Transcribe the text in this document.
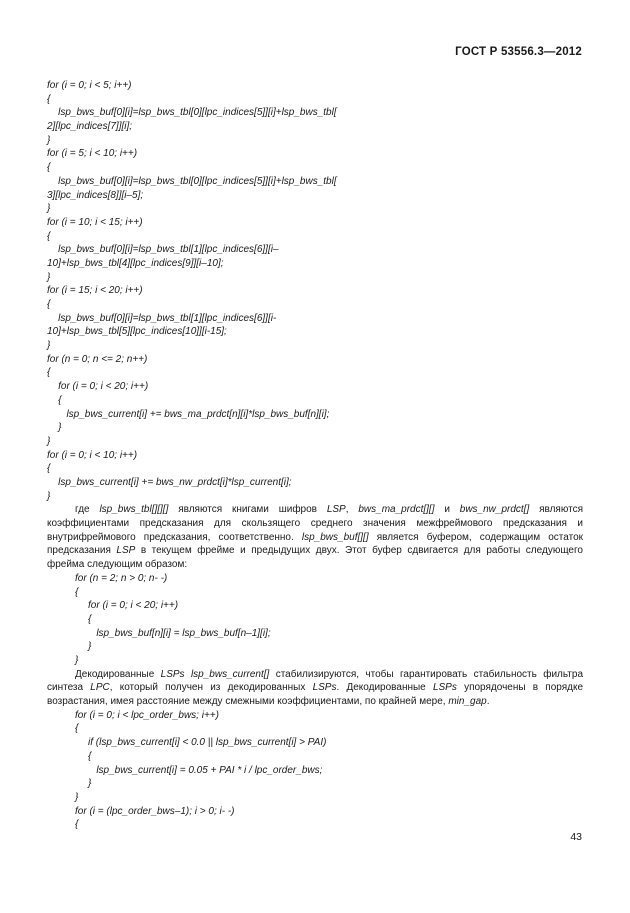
ГОСТ Р 53556.3—2012
for (i = 0; i < 5; i++)
{
lsp_bws_buf[0][i]=lsp_bws_tbl[0][lpc_indices[5]][i]+lsp_bws_tbl[
2][lpc_indices[7]][i];
}
for (i = 5; i < 10; i++)
{
lsp_bws_buf[0][i]=lsp_bws_tbl[0][lpc_indices[5]][i]+lsp_bws_tbl[
3][lpc_indices[8]][i–5];
}
for (i = 10; i < 15; i++)
{
lsp_bws_buf[0][i]=lsp_bws_tbl[1][lpc_indices[6]][i–
10]+lsp_bws_tbl[4][lpc_indices[9]][i–10];
}
for (i = 15; i < 20; i++)
{
lsp_bws_buf[0][i]=lsp_bws_tbl[1][lpc_indices[6]][i-
10]+lsp_bws_tbl[5][lpc_indices[10]][i-15];
}
for (n = 0; n <= 2; n++)
{
for (i = 0; i < 20; i++)
{
lsp_bws_current[i] += bws_ma_prdct[n][i]*lsp_bws_buf[n][i];
}
}
for (i = 0; i < 10; i++)
{
lsp_bws_current[i] += bws_nw_prdct[i]*lsp_current[i];
}
где lsp_bws_tbl[][][] являются книгами шифров LSP, bws_ma_prdct[][] и bws_nw_prdct[] являются коэффициентами предсказания для скользящего среднего значения межфреймового предсказания и внутрифреймового предсказания, соответственно. lsp_bws_buf[][] является буфером, содержащим остаток предсказания LSP в текущем фрейме и предыдущих двух. Этот буфер сдвигается для работы следующего фрейма следующим образом:
for (n = 2; n > 0; n- -)
{
for (i = 0; i < 20; i++)
{
lsp_bws_buf[n][i] = lsp_bws_buf[n–1][i];
}
}
Декодированные LSPs lsp_bws_current[] стабилизируются, чтобы гарантировать стабильность фильтра синтеза LPC, который получен из декодированных LSPs. Декодированные LSPs упорядочены в порядке возрастания, имея расстояние между смежными коэффициентами, по крайней мере, min_gap.
for (i = 0; i < lpc_order_bws; i++)
{
if (lsp_bws_current[i] < 0.0 || lsp_bws_current[i] > PAI)
{
lsp_bws_current[i] = 0.05 + PAI * i / lpc_order_bws;
}
}
for (i = (lpc_order_bws–1); i > 0; i- -)
{
43
